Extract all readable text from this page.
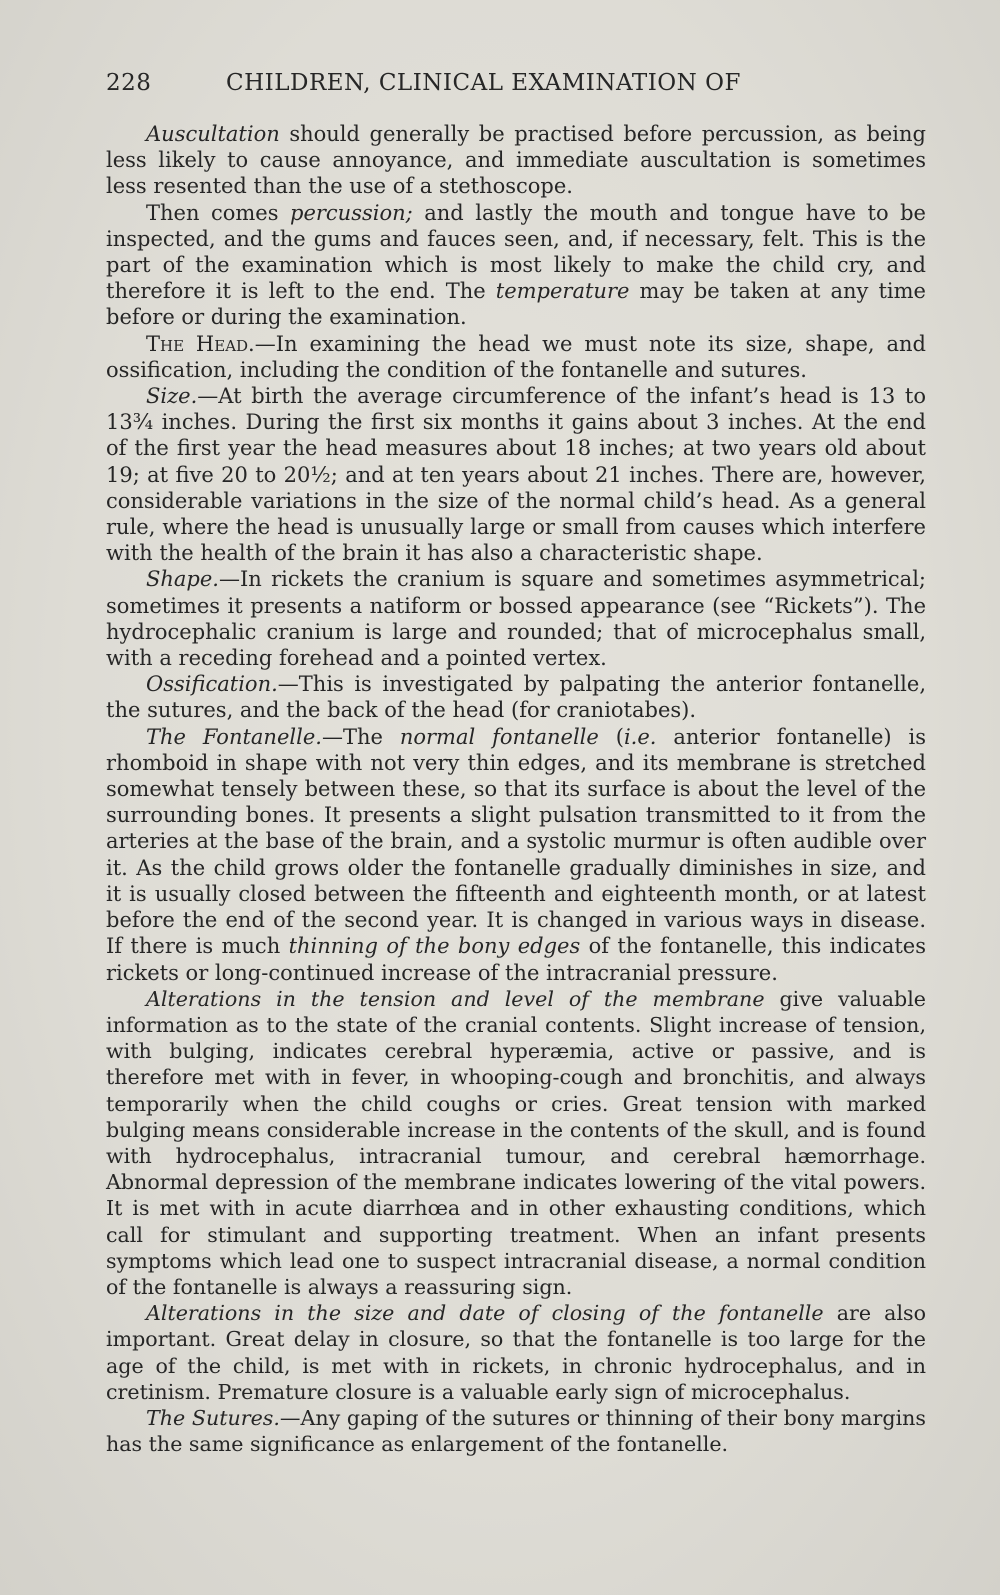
228	CHILDREN, CLINICAL EXAMINATION OF

Auscultation should generally be practised before percussion, as being less likely to cause annoyance, and immediate auscultation is sometimes less resented than the use of a stethoscope.

Then comes percussion; and lastly the mouth and tongue have to be inspected, and the gums and fauces seen, and, if necessary, felt. This is the part of the examination which is most likely to make the child cry, and therefore it is left to the end. The temperature may be taken at any time before or during the examination.

The Head.—In examining the head we must note its size, shape, and ossification, including the condition of the fontanelle and sutures.

Size.—At birth the average circumference of the infant’s head is 13 to 13¾ inches. During the first six months it gains about 3 inches. At the end of the first year the head measures about 18 inches; at two years old about 19; at five 20 to 20½; and at ten years about 21 inches. There are, however, considerable variations in the size of the normal child’s head. As a general rule, where the head is unusually large or small from causes which interfere with the health of the brain it has also a characteristic shape.

Shape.—In rickets the cranium is square and sometimes asymmetrical; sometimes it presents a natiform or bossed appearance (see “Rickets”). The hydrocephalic cranium is large and rounded; that of microcephalus small, with a receding forehead and a pointed vertex.

Ossification.—This is investigated by palpating the anterior fontanelle, the sutures, and the back of the head (for craniotabes).

The Fontanelle.—The normal fontanelle (i.e. anterior fontanelle) is rhomboid in shape with not very thin edges, and its membrane is stretched somewhat tensely between these, so that its surface is about the level of the surrounding bones. It presents a slight pulsation transmitted to it from the arteries at the base of the brain, and a systolic murmur is often audible over it. As the child grows older the fontanelle gradually diminishes in size, and it is usually closed between the fifteenth and eighteenth month, or at latest before the end of the second year. It is changed in various ways in disease. If there is much thinning of the bony edges of the fontanelle, this indicates rickets or long-continued increase of the intracranial pressure.

Alterations in the tension and level of the membrane give valuable information as to the state of the cranial contents. Slight increase of tension, with bulging, indicates cerebral hyperæmia, active or passive, and is therefore met with in fever, in whooping-cough and bronchitis, and always temporarily when the child coughs or cries. Great tension with marked bulging means considerable increase in the contents of the skull, and is found with hydrocephalus, intracranial tumour, and cerebral hæmorrhage. Abnormal depression of the membrane indicates lowering of the vital powers. It is met with in acute diarrhœa and in other exhausting conditions, which call for stimulant and supporting treatment. When an infant presents symptoms which lead one to suspect intracranial disease, a normal condition of the fontanelle is always a reassuring sign.

Alterations in the size and date of closing of the fontanelle are also important. Great delay in closure, so that the fontanelle is too large for the age of the child, is met with in rickets, in chronic hydrocephalus, and in cretinism. Premature closure is a valuable early sign of microcephalus.

The Sutures.—Any gaping of the sutures or thinning of their bony margins has the same significance as enlargement of the fontanelle.
